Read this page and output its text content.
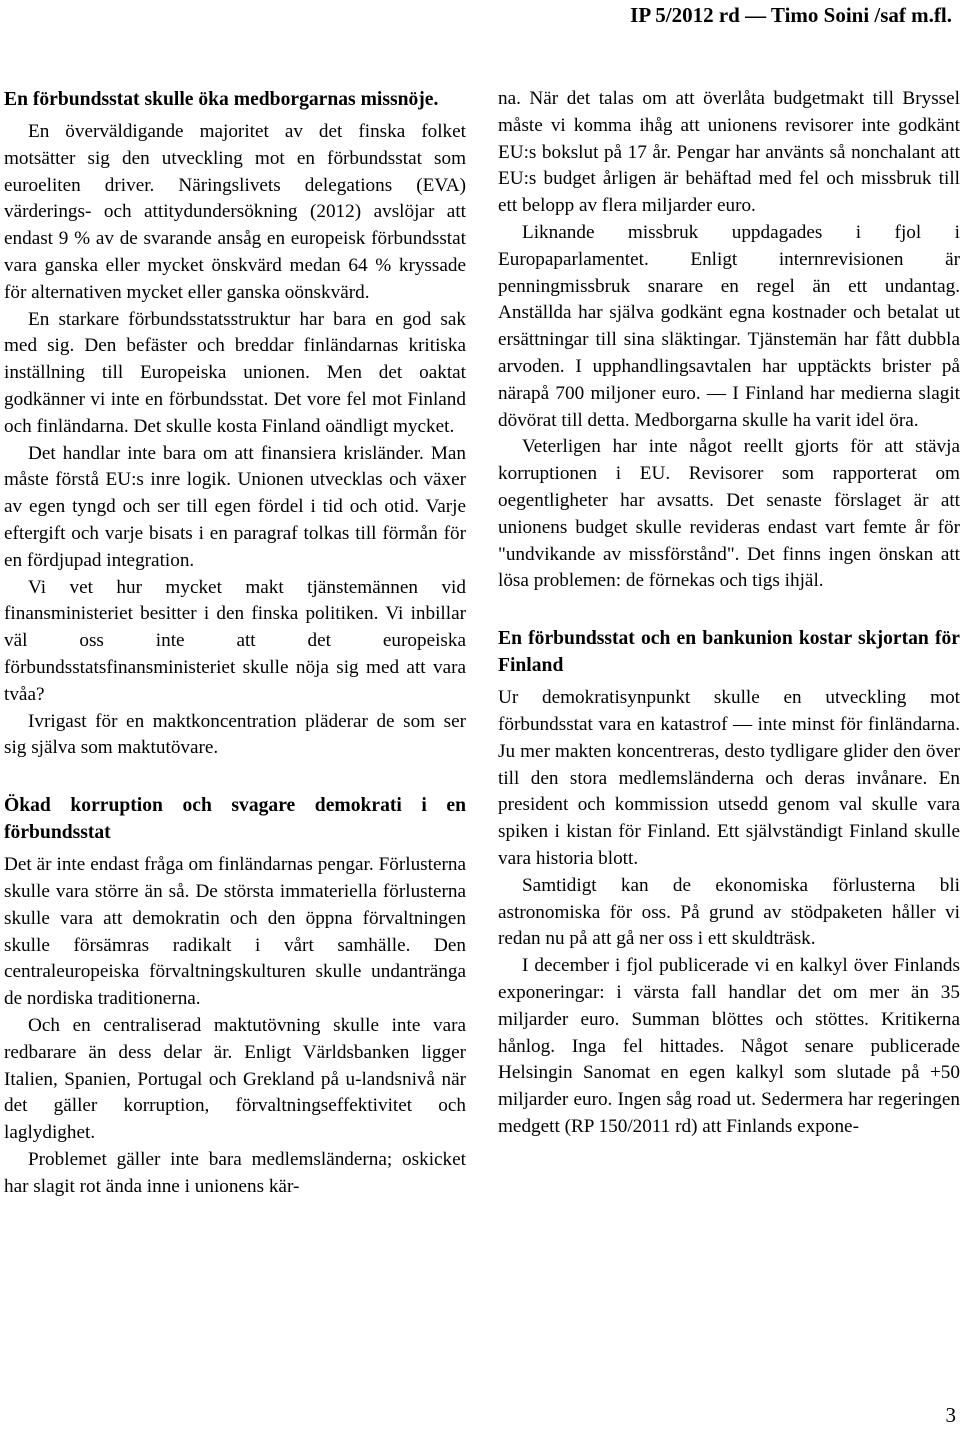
IP 5/2012 rd — Timo Soini /saf m.fl.
En förbundsstat skulle öka medborgarnas missnöje.

En överväldigande majoritet av det finska folket motsätter sig den utveckling mot en förbundsstat som euroeliten driver. Näringslivets delegations (EVA) värderings- och attitydundersökning (2012) avslöjar att endast 9 % av de svarande ansåg en europeisk förbundsstat vara ganska eller mycket önskvärd medan 64 % kryssade för alternativen mycket eller ganska oönskvärd.

En starkare förbundsstatsstruktur har bara en god sak med sig. Den befäster och breddar finländarnas kritiska inställning till Europeiska unionen. Men det oaktat godkänner vi inte en förbundsstat. Det vore fel mot Finland och finländarna. Det skulle kosta Finland oändligt mycket.

Det handlar inte bara om att finansiera krisländer. Man måste förstå EU:s inre logik. Unionen utvecklas och växer av egen tyngd och ser till egen fördel i tid och otid. Varje eftergift och varje bisats i en paragraf tolkas till förmån för en fördjupad integration.

Vi vet hur mycket makt tjänstemännen vid finansministeriet besitter i den finska politiken. Vi inbillar väl oss inte att det europeiska förbundsstatsfinansministeriet skulle nöja sig med att vara tvåa?

Ivrigast för en maktkoncentration pläderar de som ser sig själva som maktutövare.

Ökad korruption och svagare demokrati i en förbundsstat

Det är inte endast fråga om finländarnas pengar. Förlusterna skulle vara större än så. De största immateriella förlusterna skulle vara att demokratin och den öppna förvaltningen skulle försämras radikalt i vårt samhälle. Den centraleuropeiska förvaltningskulturen skulle undantränga de nordiska traditionerna.

Och en centraliserad maktutövning skulle inte vara redbarare än dess delar är. Enligt Världsbanken ligger Italien, Spanien, Portugal och Grekland på u-landsnivå när det gäller korruption, förvaltningseffektivitet och laglydighet.

Problemet gäller inte bara medlemsländerna; oskicket har slagit rot ända inne i unionens kär-

na. När det talas om att överlåta budgetmakt till Bryssel måste vi komma ihåg att unionens revisorer inte godkänt EU:s bokslut på 17 år. Pengar har använts så nonchalant att EU:s budget årligen är behäftad med fel och missbruk till ett belopp av flera miljarder euro.

Liknande missbruk uppdagades i fjol i Europaparlamentet. Enligt internrevisionen är penningmissbruk snarare en regel än ett undantag. Anställda har själva godkänt egna kostnader och betalat ut ersättningar till sina släktingar. Tjänstemän har fått dubbla arvoden. I upphandlingsavtalen har upptäckts brister på närapå 700 miljoner euro. — I Finland har medierna slagit dövörat till detta. Medborgarna skulle ha varit idel öra.

Veterligen har inte något reellt gjorts för att stävja korruptionen i EU. Revisorer som rapporterat om oegentligheter har avsatts. Det senaste förslaget är att unionens budget skulle revideras endast vart femte år för "undvikande av missförstånd". Det finns ingen önskan att lösa problemen: de förnekas och tigs ihjäl.

En förbundsstat och en bankunion kostar skjortan för Finland

Ur demokratisynpunkt skulle en utveckling mot förbundsstat vara en katastrof — inte minst för finländarna. Ju mer makten koncentreras, desto tydligare glider den över till den stora medlemsländerna och deras invånare. En president och kommission utsedd genom val skulle vara spiken i kistan för Finland. Ett självständigt Finland skulle vara historia blott.

Samtidigt kan de ekonomiska förlusterna bli astronomiska för oss. På grund av stödpaketen håller vi redan nu på att gå ner oss i ett skuldträsk.

I december i fjol publicerade vi en kalkyl över Finlands exponeringar: i värsta fall handlar det om mer än 35 miljarder euro. Summan blöttes och stöttes. Kritikerna hånlog. Inga fel hittades. Något senare publicerade Helsingin Sanomat en egen kalkyl som slutade på +50 miljarder euro. Ingen såg road ut. Sedermera har regeringen medgett (RP 150/2011 rd) att Finlands expone-

3
